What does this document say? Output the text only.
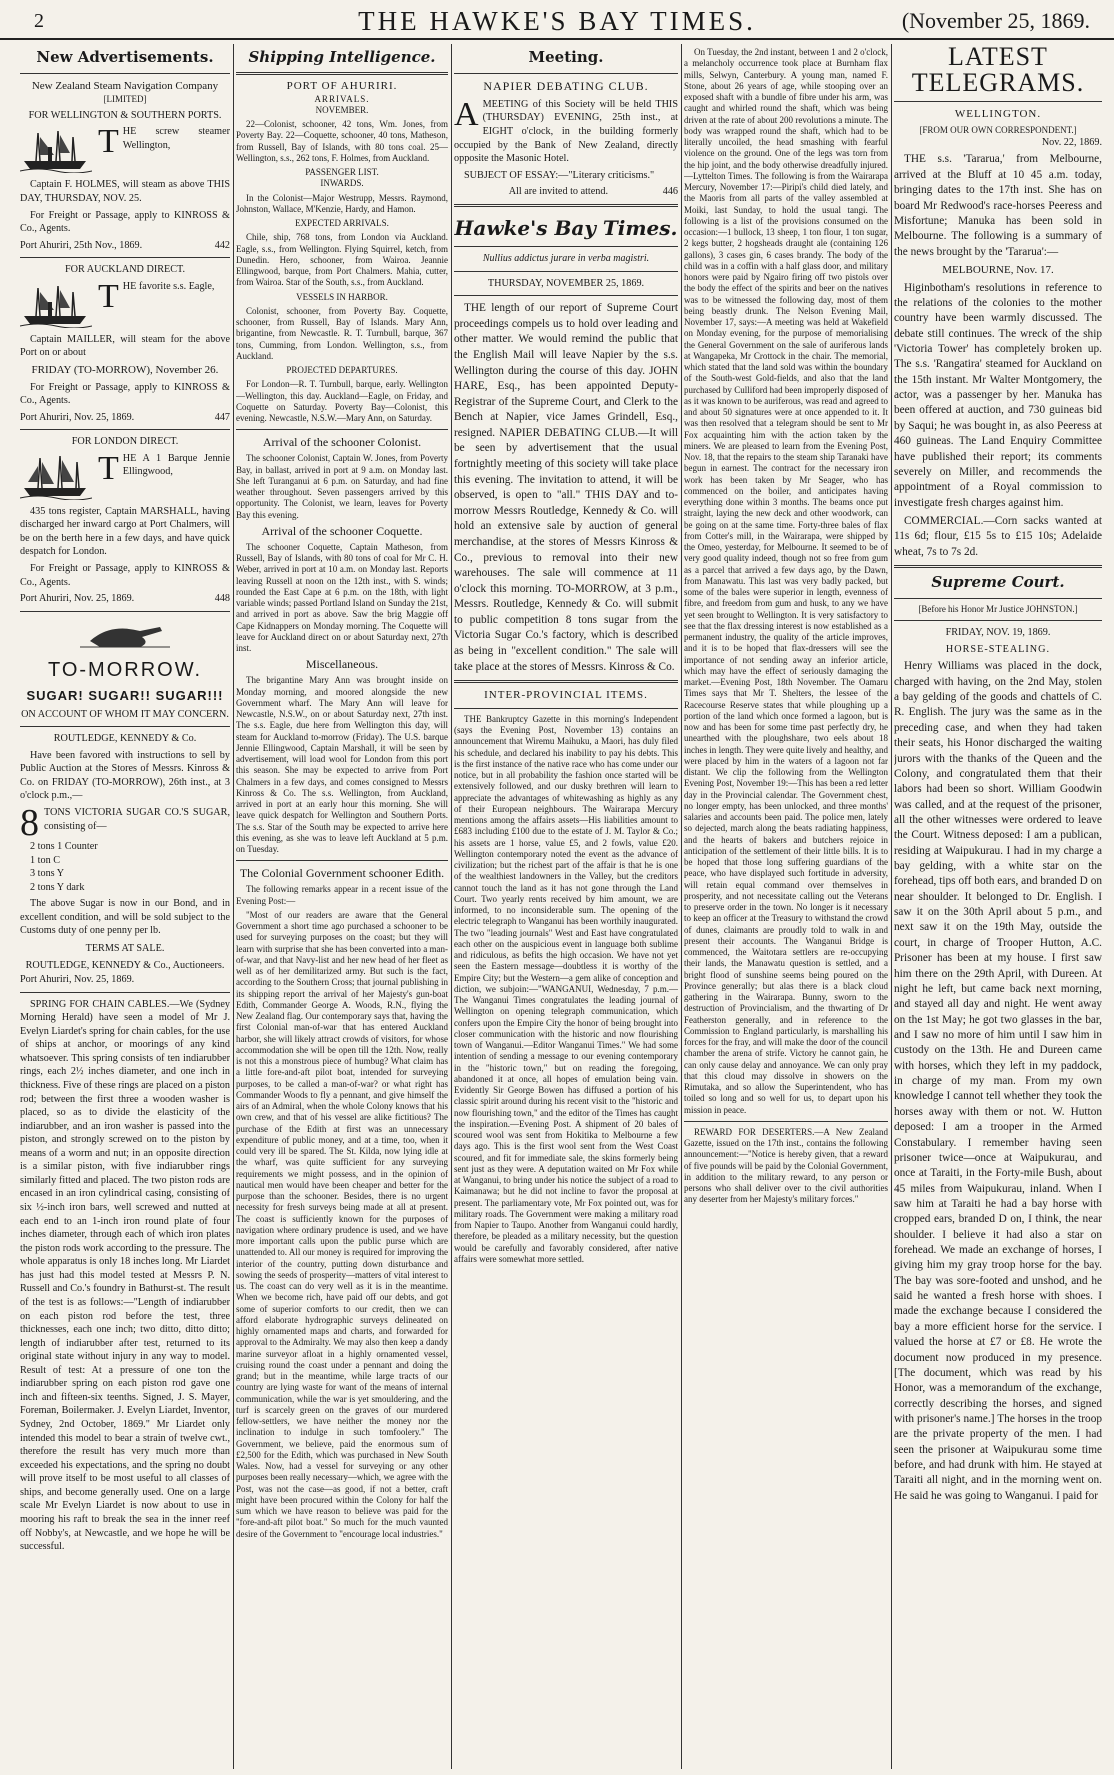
2	THE HAWKE'S BAY TIMES.	(November 25, 1869.
New Advertisements.
New Zealand Steam Navigation Company
[LIMITED]
FOR WELLINGTON & SOUTHERN PORTS.
T HE screw steamer Wellington,
Captain F. HOLMES, will steam as above THIS DAY, THURSDAY, NOV. 25.
For Freight or Passage, apply to KINROSS & Co., Agents.
Port Ahuriri, 25th Nov., 1869.	442
FOR AUCKLAND DIRECT.
T HE favorite s.s. Eagle,
Captain MAILLER, will steam for the above Port on or about
FRIDAY (TO-MORROW), November 26.
For Freight or Passage, apply to KINROSS & Co., Agents.
Port Ahuriri, Nov. 25, 1869.	447
FOR LONDON DIRECT.
T HE A 1 Barque Jennie Ellingwood,
435 tons register, Captain MARSHALL, having discharged her inward cargo at Port Chalmers, will be on the berth here in a few days, and have quick despatch for London.
For Freight or Passage, apply to KINROSS & Co., Agents.
Port Ahuriri, Nov. 25, 1869.	448
TO-MORROW.
SUGAR! SUGAR!! SUGAR!!!
ON ACCOUNT OF WHOM IT MAY CONCERN.
ROUTLEDGE, KENNEDY & Co.
Have been favored with instructions to sell by Public Auction at the Stores of Messrs. Kinross & Co. on FRIDAY (TO-MORROW), 26th inst., at 3 o'clock p.m.,—
8 TONS VICTORIA SUGAR CO.'S SUGAR, consisting of—
2 tons 1 Counter
1 ton C
3 tons Y
2 tons Y dark
The above Sugar is now in our Bond, and in excellent condition, and will be sold subject to the Customs duty of one penny per lb.
TERMS AT SALE.
ROUTLEDGE, KENNEDY & Co., Auctioneers.
Port Ahuriri, Nov. 25, 1869.
SPRING FOR CHAIN CABLES.—We (Sydney Morning Herald) have seen a model of Mr J. Evelyn Liardet's spring for chain cables, for the use of ships at anchor, or moorings of any kind whatsoever. This spring consists of ten indiarubber rings, each 2½ inches diameter, and one inch in thickness. Five of these rings are placed on a piston rod; between the first three a wooden washer is placed, so as to divide the elasticity of the indiarubber, and an iron washer is passed into the piston, and strongly screwed on to the piston by means of a worm and nut; in an opposite direction is a similar piston, with five indiarubber rings similarly fitted and placed. The two piston rods are encased in an iron cylindrical casing, consisting of six ½-inch iron bars, well screwed and nutted at each end to an 1-inch iron round plate of four inches diameter, through each of which iron plates the piston rods work according to the pressure. The whole apparatus is only 18 inches long. Mr Liardet has just had this model tested at Messrs P. N. Russell and Co.'s foundry in Bathurst-st. The result of the test is as follows:—"Length of indiarubber on each piston rod before the test, three thicknesses, each one inch; two ditto, ditto ditto; length of indiarubber after test, returned to its original state without injury in any way to model. Result of test: At a pressure of one ton the indiarubber spring on each piston rod gave one inch and fifteen-six teenths. Signed, J. S. Mayer, Foreman, Boilermaker. J. Evelyn Liardet, Inventor, Sydney, 2nd October, 1869." Mr Liardet only intended this model to bear a strain of twelve cwt., therefore the result has very much more than exceeded his expectations, and the spring no doubt will prove itself to be most useful to all classes of ships, and become generally used. One on a large scale Mr Evelyn Liardet is now about to use in mooring his raft to break the sea in the inner reef off Nobby's, at Newcastle, and we hope he will be successful.
Shipping Intelligence.
PORT OF AHURIRI.
ARRIVALS.
NOVEMBER.
22—Colonist, schooner, 42 tons, Wm. Jones, from Poverty Bay. 22—Coquette, schooner, 40 tons, Matheson, from Russell, Bay of Islands, with 80 tons coal. 25—Wellington, s.s., 262 tons, F. Holmes, from Auckland.
PASSENGER LIST.
INWARDS.
In the Colonist—Major Westrupp, Messrs. Raymond, Johnston, Wallace, M'Kenzie, Hardy, and Hamon.
EXPECTED ARRIVALS.
Chile, ship, 768 tons, from London via Auckland. Eagle, s.s., from Wellington. Flying Squirrel, ketch, from Dunedin. Hero, schooner, from Wairoa. Jeannie Ellingwood, barque, from Port Chalmers. Mahia, cutter, from Wairoa. Star of the South, s.s., from Auckland.
VESSELS IN HARBOR.
Colonist, schooner, from Poverty Bay. Coquette, schooner, from Russell, Bay of Islands. Mary Ann, brigantine, from Newcastle. R. T. Turnbull, barque, 367 tons, Cumming, from London. Wellington, s.s., from Auckland.
PROJECTED DEPARTURES.
For London—R. T. Turnbull, barque, early. Wellington—Wellington, this day. Auckland—Eagle, on Friday, and Coquette on Saturday. Poverty Bay—Colonist, this evening. Newcastle, N.S.W.—Mary Ann, on Saturday.
Arrival of the schooner Colonist.
The schooner Colonist, Captain W. Jones, from Poverty Bay, in ballast, arrived in port at 9 a.m. on Monday last. She left Turanganui at 6 p.m. on Saturday, and had fine weather throughout. Seven passengers arrived by this opportunity. The Colonist, we learn, leaves for Poverty Bay this evening.
Arrival of the schooner Coquette.
The schooner Coquette, Captain Matheson, from Russell, Bay of Islands, with 80 tons of coal for Mr C. H. Weber, arrived in port at 10 a.m. on Monday last. Reports leaving Russell at noon on the 12th inst., with S. winds; rounded the East Cape at 6 p.m. on the 18th, with light variable winds; passed Portland Island on Sunday the 21st, and arrived in port as above. Saw the brig Maggie off Cape Kidnappers on Monday morning. The Coquette will leave for Auckland direct on or about Saturday next, 27th inst.
Miscellaneous.
The brigantine Mary Ann was brought inside on Monday morning, and moored alongside the new Government wharf. The Mary Ann will leave for Newcastle, N.S.W., on or about Saturday next, 27th inst. The s.s. Eagle, due here from Wellington this day, will steam for Auckland to-morrow (Friday). The U.S. barque Jennie Ellingwood, Captain Marshall, it will be seen by advertisement, will load wool for London from this port this season. She may be expected to arrive from Port Chalmers in a few days, and comes consigned to Messrs Kinross & Co. The s.s. Wellington, from Auckland, arrived in port at an early hour this morning. She will leave quick despatch for Wellington and Southern Ports. The s.s. Star of the South may be expected to arrive here this evening, as she was to leave left Auckland at 5 p.m. on Tuesday.
The Colonial Government schooner Edith.
The following remarks appear in a recent issue of the Evening Post:—
"Most of our readers are aware that the General Government a short time ago purchased a schooner to be used for surveying purposes on the coast; but they will learn with surprise that she has been converted into a man-of-war, and that Navy-list and her new head of her fleet as well as of her demilitarized army. But such is the fact, according to the Southern Cross; that journal publishing in its shipping report the arrival of her Majesty's gun-boat Edith, Commander George A. Woods, R.N., flying the New Zealand flag. Our contemporary says that, having the first Colonial man-of-war that has entered Auckland harbor, she will likely attract crowds of visitors, for whose accommodation she will be open till the 12th. Now, really is not this a monstrous piece of humbug? What claim has a little fore-and-aft pilot boat, intended for surveying purposes, to be called a man-of-war? or what right has Commander Woods to fly a pennant, and give himself the airs of an Admiral, when the whole Colony knows that his own crew, and that of his vessel are alike fictitious? The purchase of the Edith at first was an unnecessary expenditure of public money, and at a time, too, when it could very ill be spared. The St. Kilda, now lying idle at the wharf, was quite sufficient for any surveying requirements we might possess, and in the opinion of nautical men would have been cheaper and better for the purpose than the schooner. Besides, there is no urgent necessity for fresh surveys being made at all at present. The coast is sufficiently known for the purposes of navigation where ordinary prudence is used, and we have more important calls upon the public purse which are unattended to. All our money is required for improving the interior of the country, putting down disturbance and sowing the seeds of prosperity—matters of vital interest to us. The coast can do very well as it is in the meantime. When we become rich, have paid off our debts, and got some of superior comforts to our credit, then we can afford elaborate hydrographic surveys delineated on highly ornamented maps and charts, and forwarded for approval to the Admiralty. We may also then keep a dandy marine surveyor afloat in a highly ornamented vessel, cruising round the coast under a pennant and doing the grand; but in the meantime, while large tracts of our country are lying waste for want of the means of internal communication, while the war is yet smouldering, and the turf is scarcely green on the graves of our murdered fellow-settlers, we have neither the money nor the inclination to indulge in such tomfoolery." The Government, we believe, paid the enormous sum of £2,500 for the Edith, which was purchased in New South Wales. Now, had a vessel for surveying or any other purposes been really necessary—which, we agree with the Post, was not the case—as good, if not a better, craft might have been procured within the Colony for half the sum which we have reason to believe was paid for the "fore-and-aft pilot boat." So much for the much vaunted desire of the Government to "encourage local industries."
Meeting.
NAPIER DEBATING CLUB.
A MEETING of this Society will be held THIS (THURSDAY) EVENING, 25th inst., at EIGHT o'clock, in the building formerly occupied by the Bank of New Zealand, directly opposite the Masonic Hotel.
SUBJECT OF ESSAY:—"Literary criticisms."
All are invited to attend.	446
Hawke's Bay Times.
Nullius addictus jurare in verba magistri.
THURSDAY, NOVEMBER 25, 1869.
THE length of our report of Supreme Court proceedings compels us to hold over leading and other matter. We would remind the public that the English Mail will leave Napier by the s.s. Wellington during the course of this day. JOHN HARE, Esq., has been appointed Deputy-Registrar of the Supreme Court, and Clerk to the Bench at Napier, vice James Grindell, Esq., resigned. NAPIER DEBATING CLUB.—It will be seen by advertisement that the usual fortnightly meeting of this society will take place this evening. The invitation to attend, it will be observed, is open to "all." THIS DAY and to-morrow Messrs Routledge, Kennedy & Co. will hold an extensive sale by auction of general merchandise, at the stores of Messrs Kinross & Co., previous to removal into their new warehouses. The sale will commence at 11 o'clock this morning. TO-MORROW, at 3 p.m., Messrs. Routledge, Kennedy & Co. will submit to public competition 8 tons sugar from the Victoria Sugar Co.'s factory, which is described as being in "excellent condition." The sale will take place at the stores of Messrs. Kinross & Co.
INTER-PROVINCIAL ITEMS.
THE Bankruptcy Gazette in this morning's Independent (says the Evening Post, November 13) contains an announcement that Wiremu Maihuku, a Maori, has duly filed his schedule, and declared his inability to pay his debts. This is the first instance of the native race who has come under our notice, but in all probability the fashion once started will be extensively followed, and our dusky brethren will learn to appreciate the advantages of whitewashing as highly as any of their European neighbours. The Wairarapa Mercury mentions among the affairs assets—His liabilities amount to £683 including £100 due to the estate of J. M. Taylor & Co.; his assets are 1 horse, value £5, and 2 fowls, value £20. Wellington contemporary noted the event as the advance of civilization; but the richest part of the affair is that he is one of the wealthiest landowners in the Valley, but the creditors cannot touch the land as it has not gone through the Land Court. Two yearly rents received by him amount, we are informed, to no inconsiderable sum. The opening of the electric telegraph to Wanganui has been worthily inaugurated. The two "leading journals" West and East have congratulated each other on the auspicious event in language both sublime and ridiculous, as befits the high occasion. We have not yet seen the Eastern message—doubtless it is worthy of the Empire City; but the Western—a gem alike of conception and diction, we subjoin:—"WANGANUI, Wednesday, 7 p.m.—The Wanganui Times congratulates the leading journal of Wellington on opening telegraph communication, which confers upon the Empire City the honor of being brought into closer communication with the historic and now flourishing town of Wanganui.—Editor Wanganui Times." We had some intention of sending a message to our evening contemporary in the "historic town," but on reading the foregoing, abandoned it at once, all hopes of emulation being vain. Evidently Sir George Bowen has diffused a portion of his classic spirit around during his recent visit to the "historic and now flourishing town," and the editor of the Times has caught the inspiration.—Evening Post. A shipment of 20 bales of scoured wool was sent from Hokitika to Melbourne a few days ago. This is the first wool sent from the West Coast scoured, and fit for immediate sale, the skins formerly being sent just as they were. A deputation waited on Mr Fox while at Wanganui, to bring under his notice the subject of a road to Kaimanawa; but he did not incline to favor the proposal at present. The parliamentary vote, Mr Fox pointed out, was for military roads. The Government were making a military road from Napier to Taupo. Another from Wanganui could hardly, therefore, be pleaded as a military necessity, but the question would be carefully and favorably considered, after native affairs were somewhat more settled.
On Tuesday, the 2nd instant, between 1 and 2 o'clock, a melancholy occurrence took place at Burnham flax mills, Selwyn, Canterbury. A young man, named F. Stone, about 26 years of age, while stooping over an exposed shaft with a bundle of fibre under his arm, was caught and whirled round the shaft, which was being driven at the rate of about 200 revolutions a minute. The body was wrapped round the shaft, which had to be literally uncoiled, the head smashing with fearful violence on the ground. One of the legs was torn from the hip joint, and the body otherwise dreadfully injured.—Lyttelton Times. The following is from the Wairarapa Mercury, November 17:—Piripi's child died lately, and the Maoris from all parts of the valley assembled at Moiki, last Sunday, to hold the usual tangi. The following is a list of the provisions consumed on the occasion:—1 bullock, 13 sheep, 1 ton flour, 1 ton sugar, 2 kegs butter, 2 hogsheads draught ale (containing 126 gallons), 3 cases gin, 6 cases brandy. The body of the child was in a coffin with a half glass door, and military honors were paid by Ngairo firing off two pistols over the body the effect of the spirits and beer on the natives was to be witnessed the following day, most of them being beastly drunk. The Nelson Evening Mail, November 17, says:—A meeting was held at Wakefield on Monday evening, for the purpose of memorialising the General Government on the sale of auriferous lands at Wangapeka, Mr Crottock in the chair. The memorial, which stated that the land sold was within the boundary of the South-west Gold-fields, and also that the land purchased by Culliford had been improperly disposed of as it was known to be auriferous, was read and agreed to and about 50 signatures were at once appended to it. It was then resolved that a telegram should be sent to Mr Fox acquainting him with the action taken by the miners. We are pleased to learn from the Evening Post, Nov. 18, that the repairs to the steam ship Taranaki have begun in earnest. The contract for the necessary iron work has been taken by Mr Seager, who has commenced on the boiler, and anticipates having everything done within 3 months. The beams once put straight, laying the new deck and other woodwork, can be going on at the same time. Forty-three bales of flax from Cotter's mill, in the Wairarapa, were shipped by the Omeo, yesterday, for Melbourne. It seemed to be of very good quality indeed, though not so free from gum as a parcel that arrived a few days ago, by the Dawn, from Manawatu. This last was very badly packed, but some of the bales were superior in length, evenness of fibre, and freedom from gum and husk, to any we have yet seen brought to Wellington. It is very satisfactory to see that the flax dressing interest is now established as a permanent industry, the quality of the article improves, and it is to be hoped that flax-dressers will see the importance of not sending away an inferior article, which may have the effect of seriously damaging the market.—Evening Post, 18th November. The Oamaru Times says that Mr T. Shelters, the lessee of the Racecourse Reserve states that while ploughing up a portion of the land which once formed a lagoon, but is now and has been for some time past perfectly dry, he unearthed with the ploughshare, two eels about 18 inches in length. They were quite lively and healthy, and were placed by him in the waters of a lagoon not far distant. We clip the following from the Wellington Evening Post, November 19:—This has been a red letter day in the Provincial calendar. The Government chest, no longer empty, has been unlocked, and three months' salaries and accounts been paid. The police men, lately so dejected, march along the beats radiating happiness, and the hearts of bakers and butchers rejoice in anticipation of the settlement of their little bills. It is to be hoped that those long suffering guardians of the peace, who have displayed such fortitude in adversity, will retain equal command over themselves in prosperity, and not necessitate calling out the Veterans to preserve order in the town. No longer is it necessary to keep an officer at the Treasury to withstand the crowd of dunes, claimants are proudly told to walk in and present their accounts. The Wanganui Bridge is commenced, the Waitotara settlers are re-occupying their lands, the Manawatu question is settled, and a bright flood of sunshine seems being poured on the Province generally; but alas there is a black cloud gathering in the Wairarapa. Bunny, sworn to the destruction of Provincialism, and the thwarting of Dr Featherston generally, and in reference to the Commission to England particularly, is marshalling his forces for the fray, and will make the door of the council chamber the arena of strife. Victory he cannot gain, he can only cause delay and annoyance. We can only pray that this cloud may dissolve in showers on the Rimutaka, and so allow the Superintendent, who has toiled so long and so well for us, to depart upon his mission in peace.
REWARD FOR DESERTERS.—A New Zealand Gazette, issued on the 17th inst., contains the following announcement:—"Notice is hereby given, that a reward of five pounds will be paid by the Colonial Government, in addition to the military reward, to any person or persons who shall deliver over to the civil authorities any deserter from her Majesty's military forces."
LATEST TELEGRAMS.
WELLINGTON.
[FROM OUR OWN CORRESPONDENT.]
Nov. 22, 1869.
THE s.s. 'Tararua,' from Melbourne, arrived at the Bluff at 10 45 a.m. today, bringing dates to the 17th inst. She has on board Mr Redwood's race-horses Peeress and Misfortune; Manuka has been sold in Melbourne. The following is a summary of the news brought by the 'Tararua':—
MELBOURNE, Nov. 17.
Higinbotham's resolutions in reference to the relations of the colonies to the mother country have been warmly discussed. The debate still continues. The wreck of the ship 'Victoria Tower' has completely broken up. The s.s. 'Rangatira' steamed for Auckland on the 15th instant. Mr Walter Montgomery, the actor, was a passenger by her. Manuka has been offered at auction, and 730 guineas bid by Saqui; he was bought in, as also Peeress at 460 guineas. The Land Enquiry Committee have published their report; its comments severely on Miller, and recommends the appointment of a Royal commission to investigate fresh charges against him.
COMMERCIAL.—Corn sacks wanted at 11s 6d; flour, £15 5s to £15 10s; Adelaide wheat, 7s to 7s 2d.
Supreme Court.
[Before his Honor Mr Justice JOHNSTON.]
FRIDAY, NOV. 19, 1869.
HORSE-STEALING.
Henry Williams was placed in the dock, charged with having, on the 2nd May, stolen a bay gelding of the goods and chattels of C. R. English. The jury was the same as in the preceding case, and when they had taken their seats, his Honor discharged the waiting jurors with the thanks of the Queen and the Colony, and congratulated them that their labors had been so short. William Goodwin was called, and at the request of the prisoner, all the other witnesses were ordered to leave the Court. Witness deposed: I am a publican, residing at Waipukurau. I had in my charge a bay gelding, with a white star on the forehead, tips off both ears, and branded D on near shoulder. It belonged to Dr. English. I saw it on the 30th April about 5 p.m., and next saw it on the 19th May, outside the court, in charge of Trooper Hutton, A.C. Prisoner has been at my house. I first saw him there on the 29th April, with Dureen. At night he left, but came back next morning, and stayed all day and night. He went away on the 1st May; he got two glasses in the bar, and I saw no more of him until I saw him in custody on the 13th. He and Dureen came with horses, which they left in my paddock, in charge of my man. From my own knowledge I cannot tell whether they took the horses away with them or not. W. Hutton deposed: I am a trooper in the Armed Constabulary. I remember having seen prisoner twice—once at Waipukurau, and once at Taraiti, in the Forty-mile Bush, about 45 miles from Waipukurau, inland. When I saw him at Taraiti he had a bay horse with cropped ears, branded D on, I think, the near shoulder. I believe it had also a star on forehead. We made an exchange of horses, I giving him my gray troop horse for the bay. The bay was sore-footed and unshod, and he said he wanted a fresh horse with shoes. I made the exchange because I considered the bay a more efficient horse for the service. I valued the horse at £7 or £8. He wrote the document now produced in my presence. [The document, which was read by his Honor, was a memorandum of the exchange, correctly describing the horses, and signed with prisoner's name.] The horses in the troop are the private property of the men. I had seen the prisoner at Waipukurau some time before, and had drunk with him. He stayed at Taraiti all night, and in the morning went on. He said he was going to Wanganui. I paid for
